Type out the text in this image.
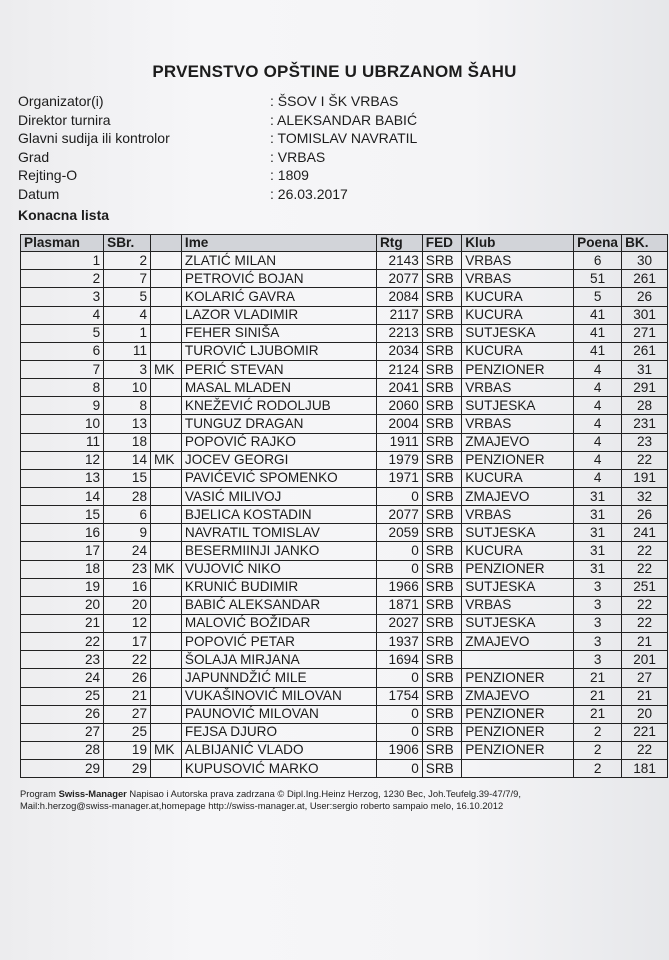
PRVENSTVO OPŠTINE U UBRZANOM ŠAHU
Organizator(i)	: ŠSOV I ŠK VRBAS
Direktor turnira	: ALEKSANDAR BABIĆ
Glavni sudija ili kontrolor	: TOMISLAV NAVRATIL
Grad	: VRBAS
Rejting-O	: 1809
Datum	: 26.03.2017
Konacna lista
Plasman	SBr.		Ime	Rtg	FED	Klub	Poena	BK.
1	2		ZLATIĆ MILAN	2143	SRB	VRBAS	6	30
2	7		PETROVIĆ BOJAN	2077	SRB	VRBAS	51	261
3	5		KOLARIĆ GAVRA	2084	SRB	KUCURA	5	26
4	4		LAZOR VLADIMIR	2117	SRB	KUCURA	41	301
5	1		FEHER SINIŠA	2213	SRB	SUTJESKA	41	271
6	11		TUROVIĆ LJUBOMIR	2034	SRB	KUCURA	41	261
7	3	MK	PERIĆ STEVAN	2124	SRB	PENZIONER	4	31
8	10		MASAL MLADEN	2041	SRB	VRBAS	4	291
9	8		KNEŽEVIĆ RODOLJUB	2060	SRB	SUTJESKA	4	28
10	13		TUNGUZ DRAGAN	2004	SRB	VRBAS	4	231
11	18		POPOVIĆ RAJKO	1911	SRB	ZMAJEVO	4	23
12	14	MK	JOCEV GEORGI	1979	SRB	PENZIONER	4	22
13	15		PAVIĆEVIĆ SPOMENKO	1971	SRB	KUCURA	4	191
14	28		VASIĆ MILIVOJ	0	SRB	ZMAJEVO	31	32
15	6		BJELICA KOSTADIN	2077	SRB	VRBAS	31	26
16	9		NAVRATIL TOMISLAV	2059	SRB	SUTJESKA	31	241
17	24		BESERMIINJI JANKO	0	SRB	KUCURA	31	22
18	23	MK	VUJOVIĆ NIKO	0	SRB	PENZIONER	31	22
19	16		KRUNIĆ BUDIMIR	1966	SRB	SUTJESKA	3	251
20	20		BABIĆ ALEKSANDAR	1871	SRB	VRBAS	3	22
21	12		MALOVIĆ BOŽIDAR	2027	SRB	SUTJESKA	3	22
22	17		POPOVIĆ PETAR	1937	SRB	ZMAJEVO	3	21
23	22		ŠOLAJA MIRJANA	1694	SRB		3	201
24	26		JAPUNNDŽIĆ MILE	0	SRB	PENZIONER	21	27
25	21		VUKAŠINOVIĆ MILOVAN	1754	SRB	ZMAJEVO	21	21
26	27		PAUNOVIĆ MILOVAN	0	SRB	PENZIONER	21	20
27	25		FEJSA DJURO	0	SRB	PENZIONER	2	221
28	19	MK	ALBIJANIĆ VLADO	1906	SRB	PENZIONER	2	22
29	29		KUPUSOVIĆ MARKO	0	SRB		2	181
Program Swiss-Manager Napisao i Autorska prava zadrzana © Dipl.Ing.Heinz Herzog, 1230 Bec, Joh.Teufelg.39-47/7/9,
Mail:h.herzog@swiss-manager.at,homepage http://swiss-manager.at, User:sergio roberto sampaio melo, 16.10.2012
